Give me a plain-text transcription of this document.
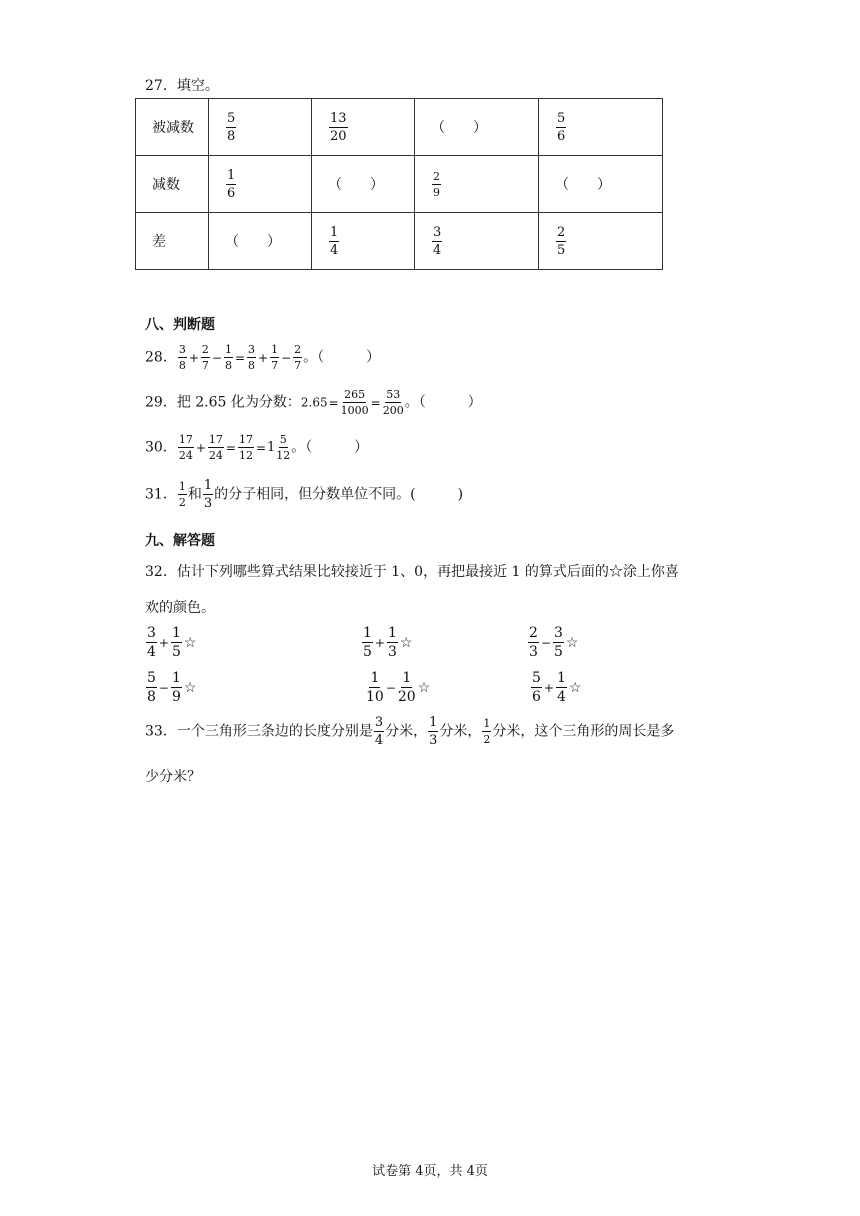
27．填空。
被减数	$\frac{5}{8}$	$\frac{13}{20}$	（　　）	$\frac{5}{6}$

减数	$\frac{1}{6}$	（　　）	$\frac{2}{9}$	（　　）
差	（　　）	$\frac{1}{4}$	$\frac{3}{4}$	$\frac{2}{5}$
八、判断题
28． $\frac{3}{8} + \frac{2}{7} - \frac{1}{8} = \frac{3}{8} + \frac{1}{7} - \frac{2}{7}$ 。（　　　）
29．把 2.65 化为分数：$2.65= \frac{265}{1000} = \frac{53}{200}$ 。（　　　）
30． $\frac{17}{24} + \frac{17}{24} = \frac{17}{12} = 1 \frac{5}{12}$ 。（　　　）
31． $\frac{1}{2}$ 和 $\frac{1}{3}$ 的分子相同，但分数单位不同。(　　　)
九、解答题
32．估计下列哪些算式结果比较接近于 1、0，再把最接近 1 的算式后面的☆涂上你喜
欢的颜色。
$\frac{3}{4} + \frac{1}{5}$ ☆	$\frac{1}{5} + \frac{1}{3}$ ☆	$\frac{2}{3} - \frac{3}{5}$ ☆
$\frac{5}{8} - \frac{1}{9}$ ☆	$\frac{1}{10} - \frac{1}{20}$ ☆	$\frac{5}{6} + \frac{1}{4}$ ☆
33．一个三角形三条边的长度分别是 $\frac{3}{4}$ 分米， $\frac{1}{3}$ 分米， $\frac{1}{2}$ 分米，这个三角形的周长是多
少分米？
试卷第 4页，共 4页
